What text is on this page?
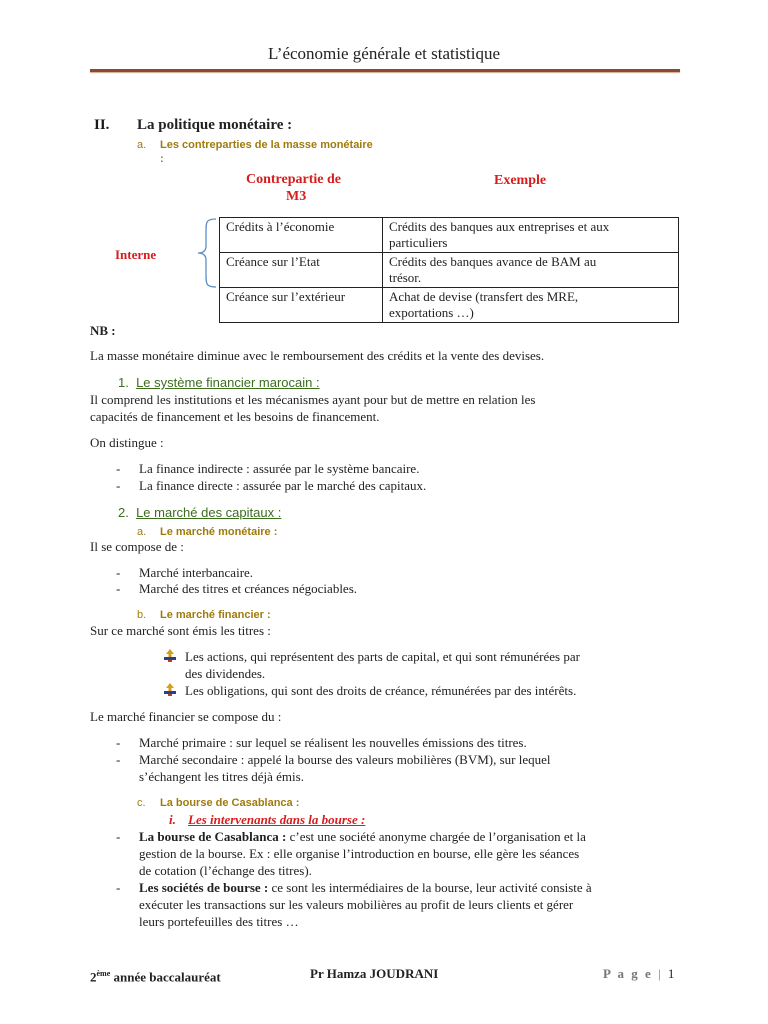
L’économie générale et statistique
II. La politique monétaire :
a. Les contreparties de la masse monétaire
:
Contrepartie de
M3
Exemple
Interne
Crédits à l’économie	Crédits des banques aux entreprises et aux
particuliers
Créance sur l’Etat	Crédits des banques avance de BAM au
trésor.
Créance sur l’extérieur	Achat de devise (transfert des MRE,
exportations …)
NB :
La masse monétaire diminue avec le remboursement des crédits et la vente des devises.
1. Le système financier marocain :
Il comprend les institutions et les mécanismes ayant pour but de mettre en relation les
capacités de financement et les besoins de financement.
On distingue :
- La finance indirecte : assurée par le système bancaire.
- La finance directe : assurée par le marché des capitaux.
2. Le marché des capitaux :
a. Le marché monétaire :
Il se compose de :
- Marché interbancaire.
- Marché des titres et créances négociables.
b. Le marché financier :
Sur ce marché sont émis les titres :
Les actions, qui représentent des parts de capital, et qui sont rémunérées par
des dividendes.
Les obligations, qui sont des droits de créance, rémunérées par des intérêts.
Le marché financier se compose du :
- Marché primaire : sur lequel se réalisent les nouvelles émissions des titres.
- Marché secondaire : appelé la bourse des valeurs mobilières (BVM), sur lequel
s’échangent les titres déjà émis.
c. La bourse de Casablanca :
i. Les intervenants dans la bourse :
- La bourse de Casablanca : c’est une société anonyme chargée de l’organisation et la
gestion de la bourse. Ex : elle organise l’introduction en bourse, elle gère les séances
de cotation (l’échange des titres).
- Les sociétés de bourse : ce sont les intermédiaires de la bourse, leur activité consiste à
exécuter les transactions sur les valeurs mobilières au profit de leurs clients et gérer
leurs portefeuilles des titres …
2ème année baccalauréat	Pr Hamza JOUDRANI	P a g e | 1
